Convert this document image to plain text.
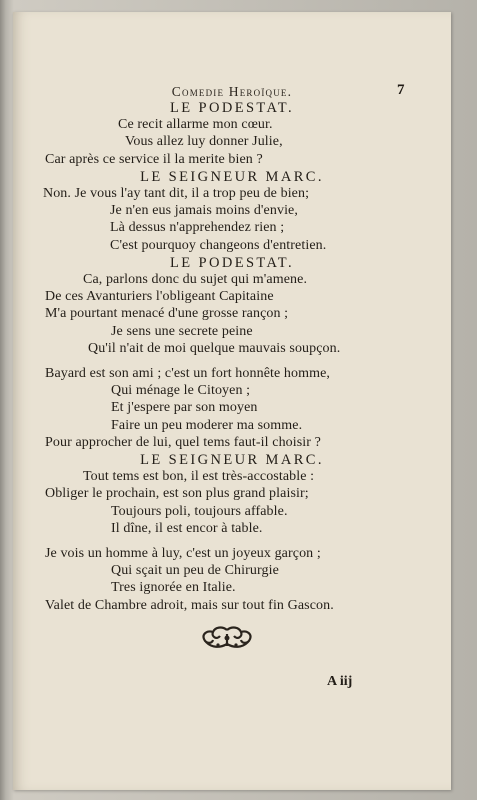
Comedie Heroïque.	7
LE PODESTAT.
Ce recit allarme mon cœur.
Vous allez luy donner Julie,
Car après ce service il la merite bien ?
LE SEIGNEUR MARC.
Non. Je vous l'ay tant dit, il a trop peu de bien;
Je n'en eus jamais moins d'envie,
Là dessus n'apprehendez rien ;
C'est pourquoy changeons d'entretien.
LE PODESTAT.
Ca, parlons donc du sujet qui m'amene.
De ces Avanturiers l'obligeant Capitaine
M'a pourtant menacé d'une grosse rançon ;
Je sens une secrete peine
Qu'il n'ait de moi quelque mauvais soupçon.
Bayard est son ami ; c'est un fort honnête homme,
Qui ménage le Citoyen ;
Et j'espere par son moyen
Faire un peu moderer ma somme.
Pour approcher de lui, quel tems faut-il choisir ?
LE SEIGNEUR MARC.
Tout tems est bon, il est très-accostable :
Obliger le prochain, est son plus grand plaisir;
Toujours poli, toujours affable.
Il dîne, il est encor à table.
Je vois un homme à luy, c'est un joyeux garçon ;
Qui sçait un peu de Chirurgie
Tres ignorée en Italie.
Valet de Chambre adroit, mais sur tout fin Gascon.
A iij
